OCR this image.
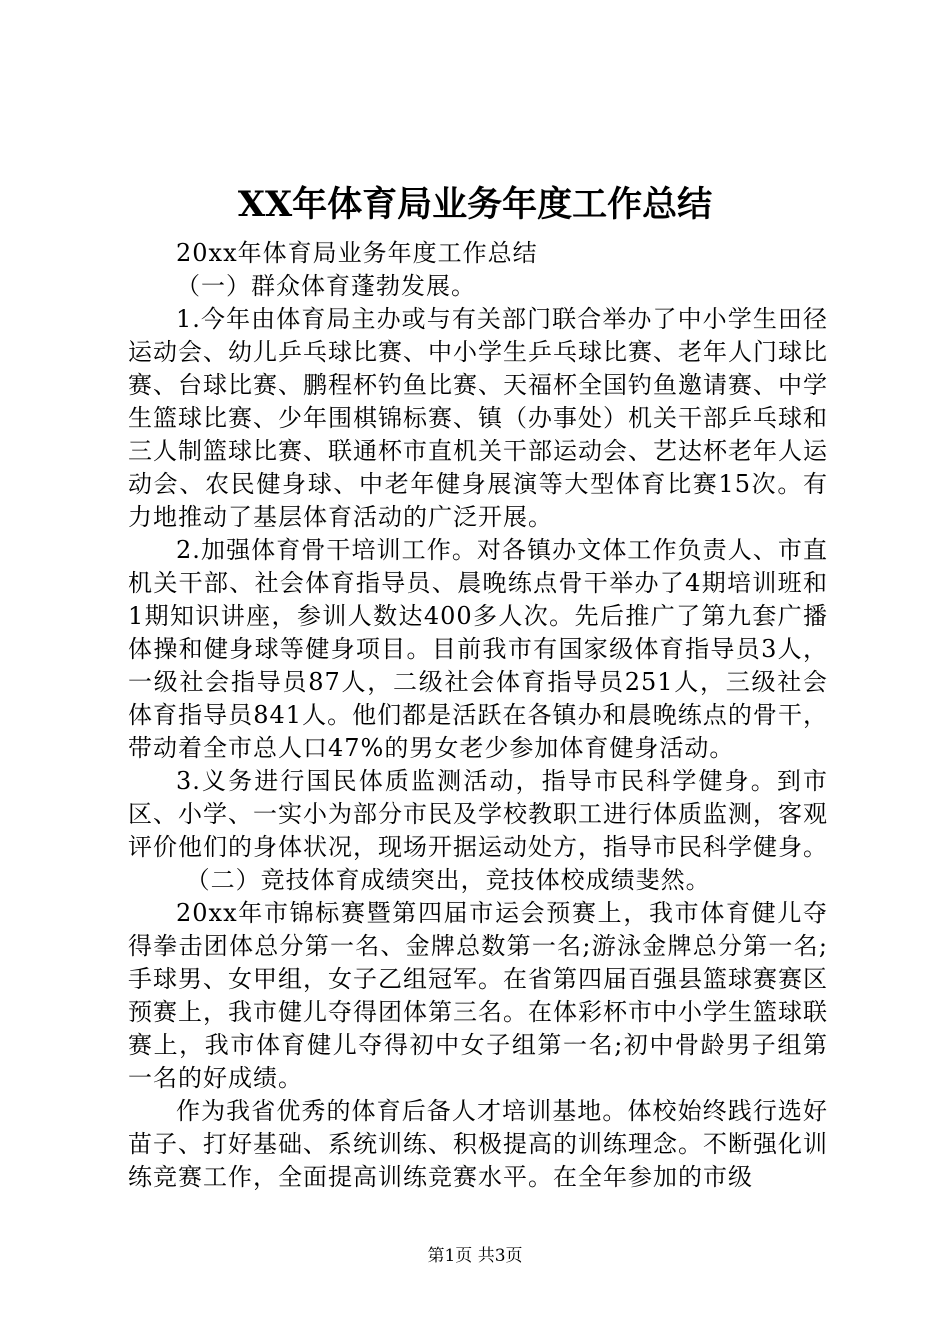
XX年体育局业务年度工作总结

20xx年体育局业务年度工作总结

（一）群众体育蓬勃发展。

1.今年由体育局主办或与有关部门联合举办了中小学生田径运动会、幼儿乒乓球比赛、中小学生乒乓球比赛、老年人门球比赛、台球比赛、鹏程杯钓鱼比赛、天福杯全国钓鱼邀请赛、中学生篮球比赛、少年围棋锦标赛、镇（办事处）机关干部乒乓球和三人制篮球比赛、联通杯市直机关干部运动会、艺达杯老年人运动会、农民健身球、中老年健身展演等大型体育比赛15次。有力地推动了基层体育活动的广泛开展。

2.加强体育骨干培训工作。对各镇办文体工作负责人、市直机关干部、社会体育指导员、晨晚练点骨干举办了4期培训班和1期知识讲座，参训人数达400多人次。先后推广了第九套广播体操和健身球等健身项目。目前我市有国家级体育指导员3人，一级社会指导员87人，二级社会体育指导员251人，三级社会体育指导员841人。他们都是活跃在各镇办和晨晚练点的骨干，带动着全市总人口47%的男女老少参加体育健身活动。

3.义务进行国民体质监测活动，指导市民科学健身。到市区、小学、一实小为部分市民及学校教职工进行体质监测，客观评价他们的身体状况，现场开据运动处方，指导市民科学健身。

（二）竞技体育成绩突出，竞技体校成绩斐然。

20xx年市锦标赛暨第四届市运会预赛上，我市体育健儿夺得拳击团体总分第一名、金牌总数第一名;游泳金牌总分第一名;手球男、女甲组，女子乙组冠军。在省第四届百强县篮球赛赛区预赛上，我市健儿夺得团体第三名。在体彩杯市中小学生篮球联赛上，我市体育健儿夺得初中女子组第一名;初中骨龄男子组第一名的好成绩。

作为我省优秀的体育后备人才培训基地。体校始终践行选好苗子、打好基础、系统训练、积极提高的训练理念。不断强化训练竞赛工作，全面提高训练竞赛水平。在全年参加的市级

第1页 共3页
